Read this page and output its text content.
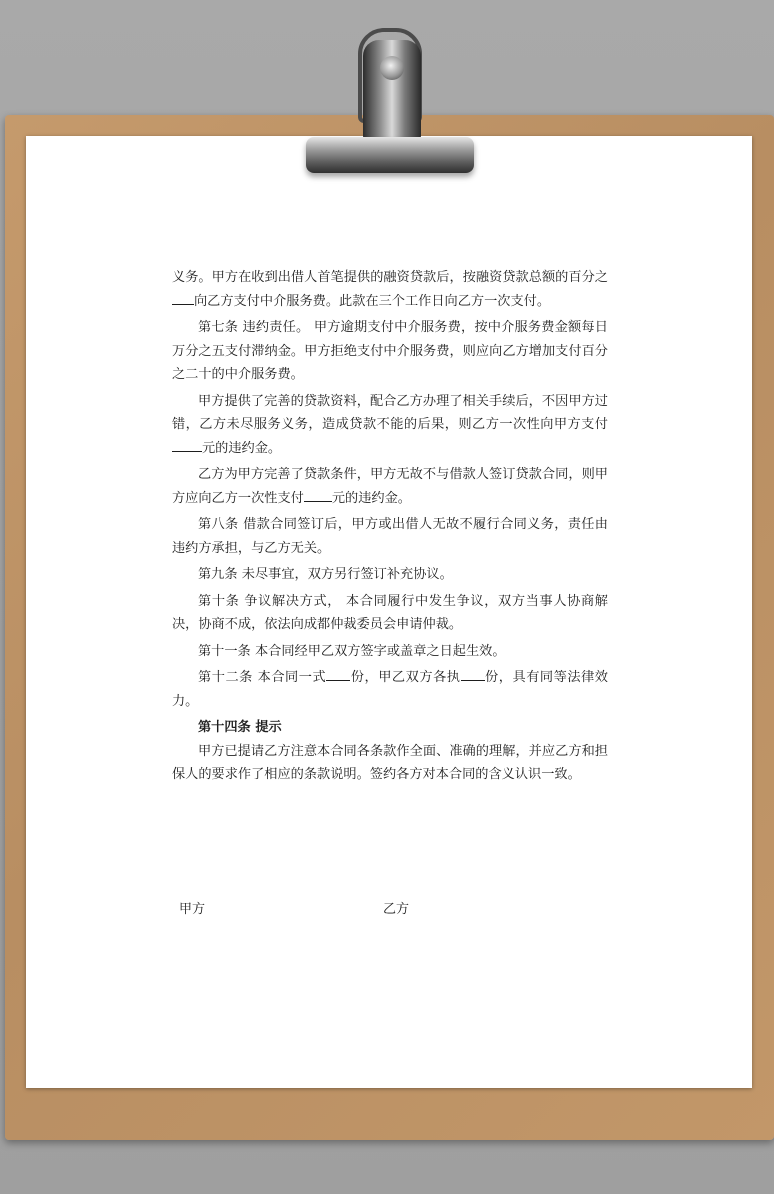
义务。甲方在收到出借人首笔提供的融资贷款后，按融资贷款总额的百分之向乙方支付中介服务费。此款在三个工作日向乙方一次支付。

第七条 违约责任。 甲方逾期支付中介服务费，按中介服务费金额每日万分之五支付滞纳金。甲方拒绝支付中介服务费，则应向乙方增加支付百分之二十的中介服务费。

甲方提供了完善的贷款资料，配合乙方办理了相关手续后，不因甲方过错，乙方未尽服务义务，造成贷款不能的后果，则乙方一次性向甲方支付元的违约金。

乙方为甲方完善了贷款条件，甲方无故不与借款人签订贷款合同，则甲方应向乙方一次性支付 元的违约金。

第八条 借款合同签订后，甲方或出借人无故不履行合同义务，责任由违约方承担，与乙方无关。

第九条 未尽事宜，双方另行签订补充协议。

第十条 争议解决方式， 本合同履行中发生争议，双方当事人协商解决，协商不成，依法向成都仲裁委员会申请仲裁。

第十一条 本合同经甲乙双方签字或盖章之日起生效。

第十二条 本合同一式 份，甲乙双方各执 份，具有同等法律效力。

第十四条 提示

甲方已提请乙方注意本合同各条款作全面、准确的理解，并应乙方和担保人的要求作了相应的条款说明。签约各方对本合同的含义认识一致。

甲方	乙方
